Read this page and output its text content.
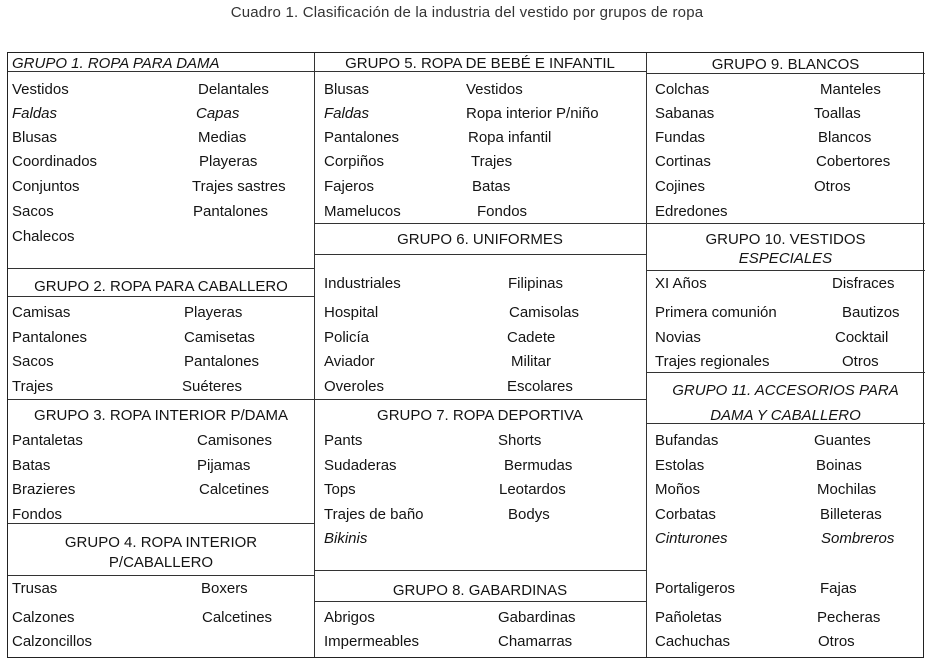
Cuadro 1. Clasificación de la industria del vestido por grupos de ropa
GRUPO 1. ROPA PARA DAMA
Vestidos
Faldas
Blusas
Coordinados
Conjuntos
Sacos
Chalecos
Delantales
Capas
Medias
Playeras
Trajes sastres
Pantalones
GRUPO 2. ROPA PARA CABALLERO
Camisas
Pantalones
Sacos
Trajes
Playeras
Camisetas
Pantalones
Suéteres
GRUPO 3. ROPA INTERIOR P/DAMA
Pantaletas
Batas
Brazieres
Fondos
Camisones
Pijamas
Calcetines
GRUPO 4. ROPA INTERIOR
P/CABALLERO
Trusas
Calzones
Calzoncillos
Boxers
Calcetines
GRUPO 5. ROPA DE BEBÉ E INFANTIL
Blusas
Faldas
Pantalones
Corpiños
Fajeros
Mamelucos
Vestidos
Ropa interior P/niño
Ropa infantil
Trajes
Batas
Fondos
GRUPO 6. UNIFORMES
Industriales
Hospital
Policía
Aviador
Overoles
Filipinas
Camisolas
Cadete
Militar
Escolares
GRUPO 7. ROPA DEPORTIVA
Pants
Sudaderas
Tops
Trajes de baño
Bikinis
Shorts
Bermudas
Leotardos
Bodys
GRUPO 8. GABARDINAS
Abrigos
Impermeables
Gabardinas
Chamarras
GRUPO 9. BLANCOS
Colchas
Sabanas
Fundas
Cortinas
Cojines
Edredones
Manteles
Toallas
Blancos
Cobertores
Otros
GRUPO 10. VESTIDOS
ESPECIALES
XI Años
Primera comunión
Novias
Trajes regionales
Disfraces
Bautizos
Cocktail
Otros
GRUPO 11. ACCESORIOS PARA
DAMA Y CABALLERO
Bufandas
Estolas
Moños
Corbatas
Cinturones
Portaligeros
Pañoletas
Cachuchas
Guantes
Boinas
Mochilas
Billeteras
Sombreros
Fajas
Pecheras
Otros
